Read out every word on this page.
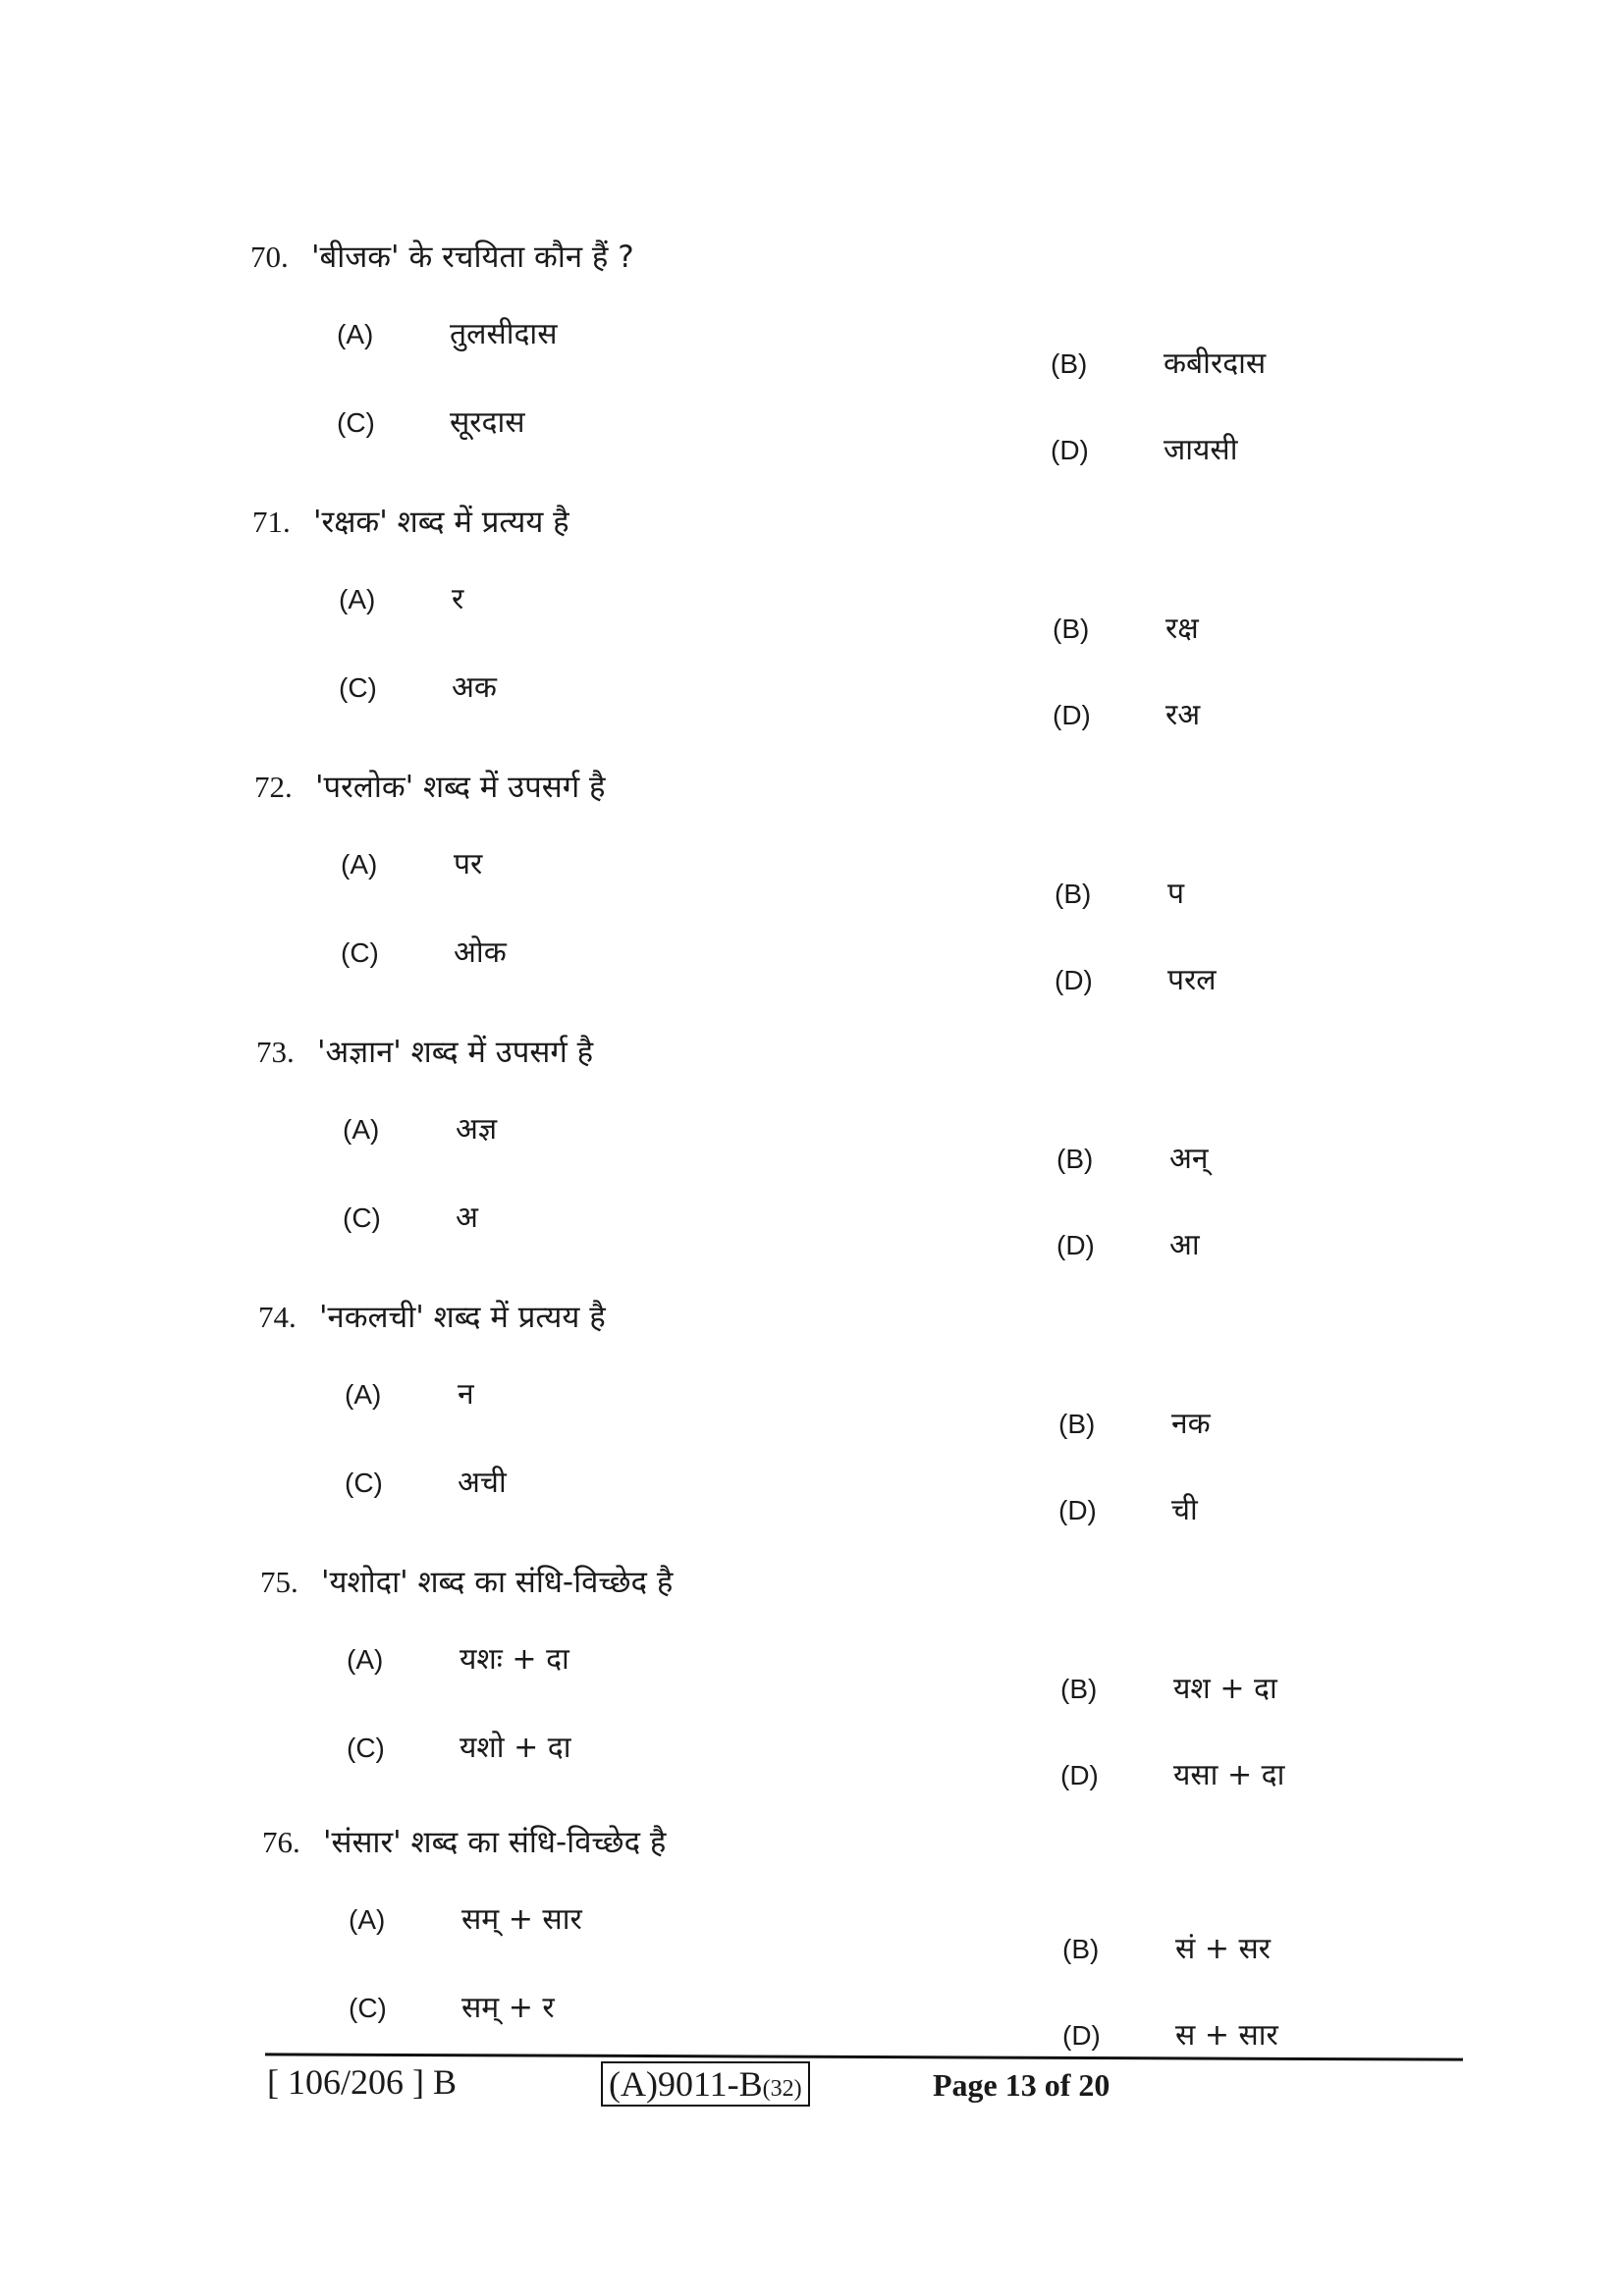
70. 'बीजक' के रचयिता कौन हैं ?
(A)	तुलसीदास
(B)	कबीरदास
(C)	सूरदास
(D)	जायसी
71. 'रक्षक' शब्द में प्रत्यय है
(A)	र
(B)	रक्ष
(C)	अक
(D)	रअ
72. 'परलोक' शब्द में उपसर्ग है
(A)	पर
(B)	प
(C)	ओक
(D)	परल
73. 'अज्ञान' शब्द में उपसर्ग है
(A)	अज्ञ
(B)	अन्
(C)	अ
(D)	आ
74. 'नकलची' शब्द में प्रत्यय है
(A)	न
(B)	नक
(C)	अची
(D)	ची
75. 'यशोदा' शब्द का संधि-विच्छेद है
(A)	यशः + दा
(B)	यश + दा
(C)	यशो + दा
(D)	यसा + दा
76. 'संसार' शब्द का संधि-विच्छेद है
(A)	सम् + सार
(B)	सं + सर
(C)	सम् + र
(D)	स + सार
[ 106/206 ] B	(A)9011-B(32)	Page 13 of 20
